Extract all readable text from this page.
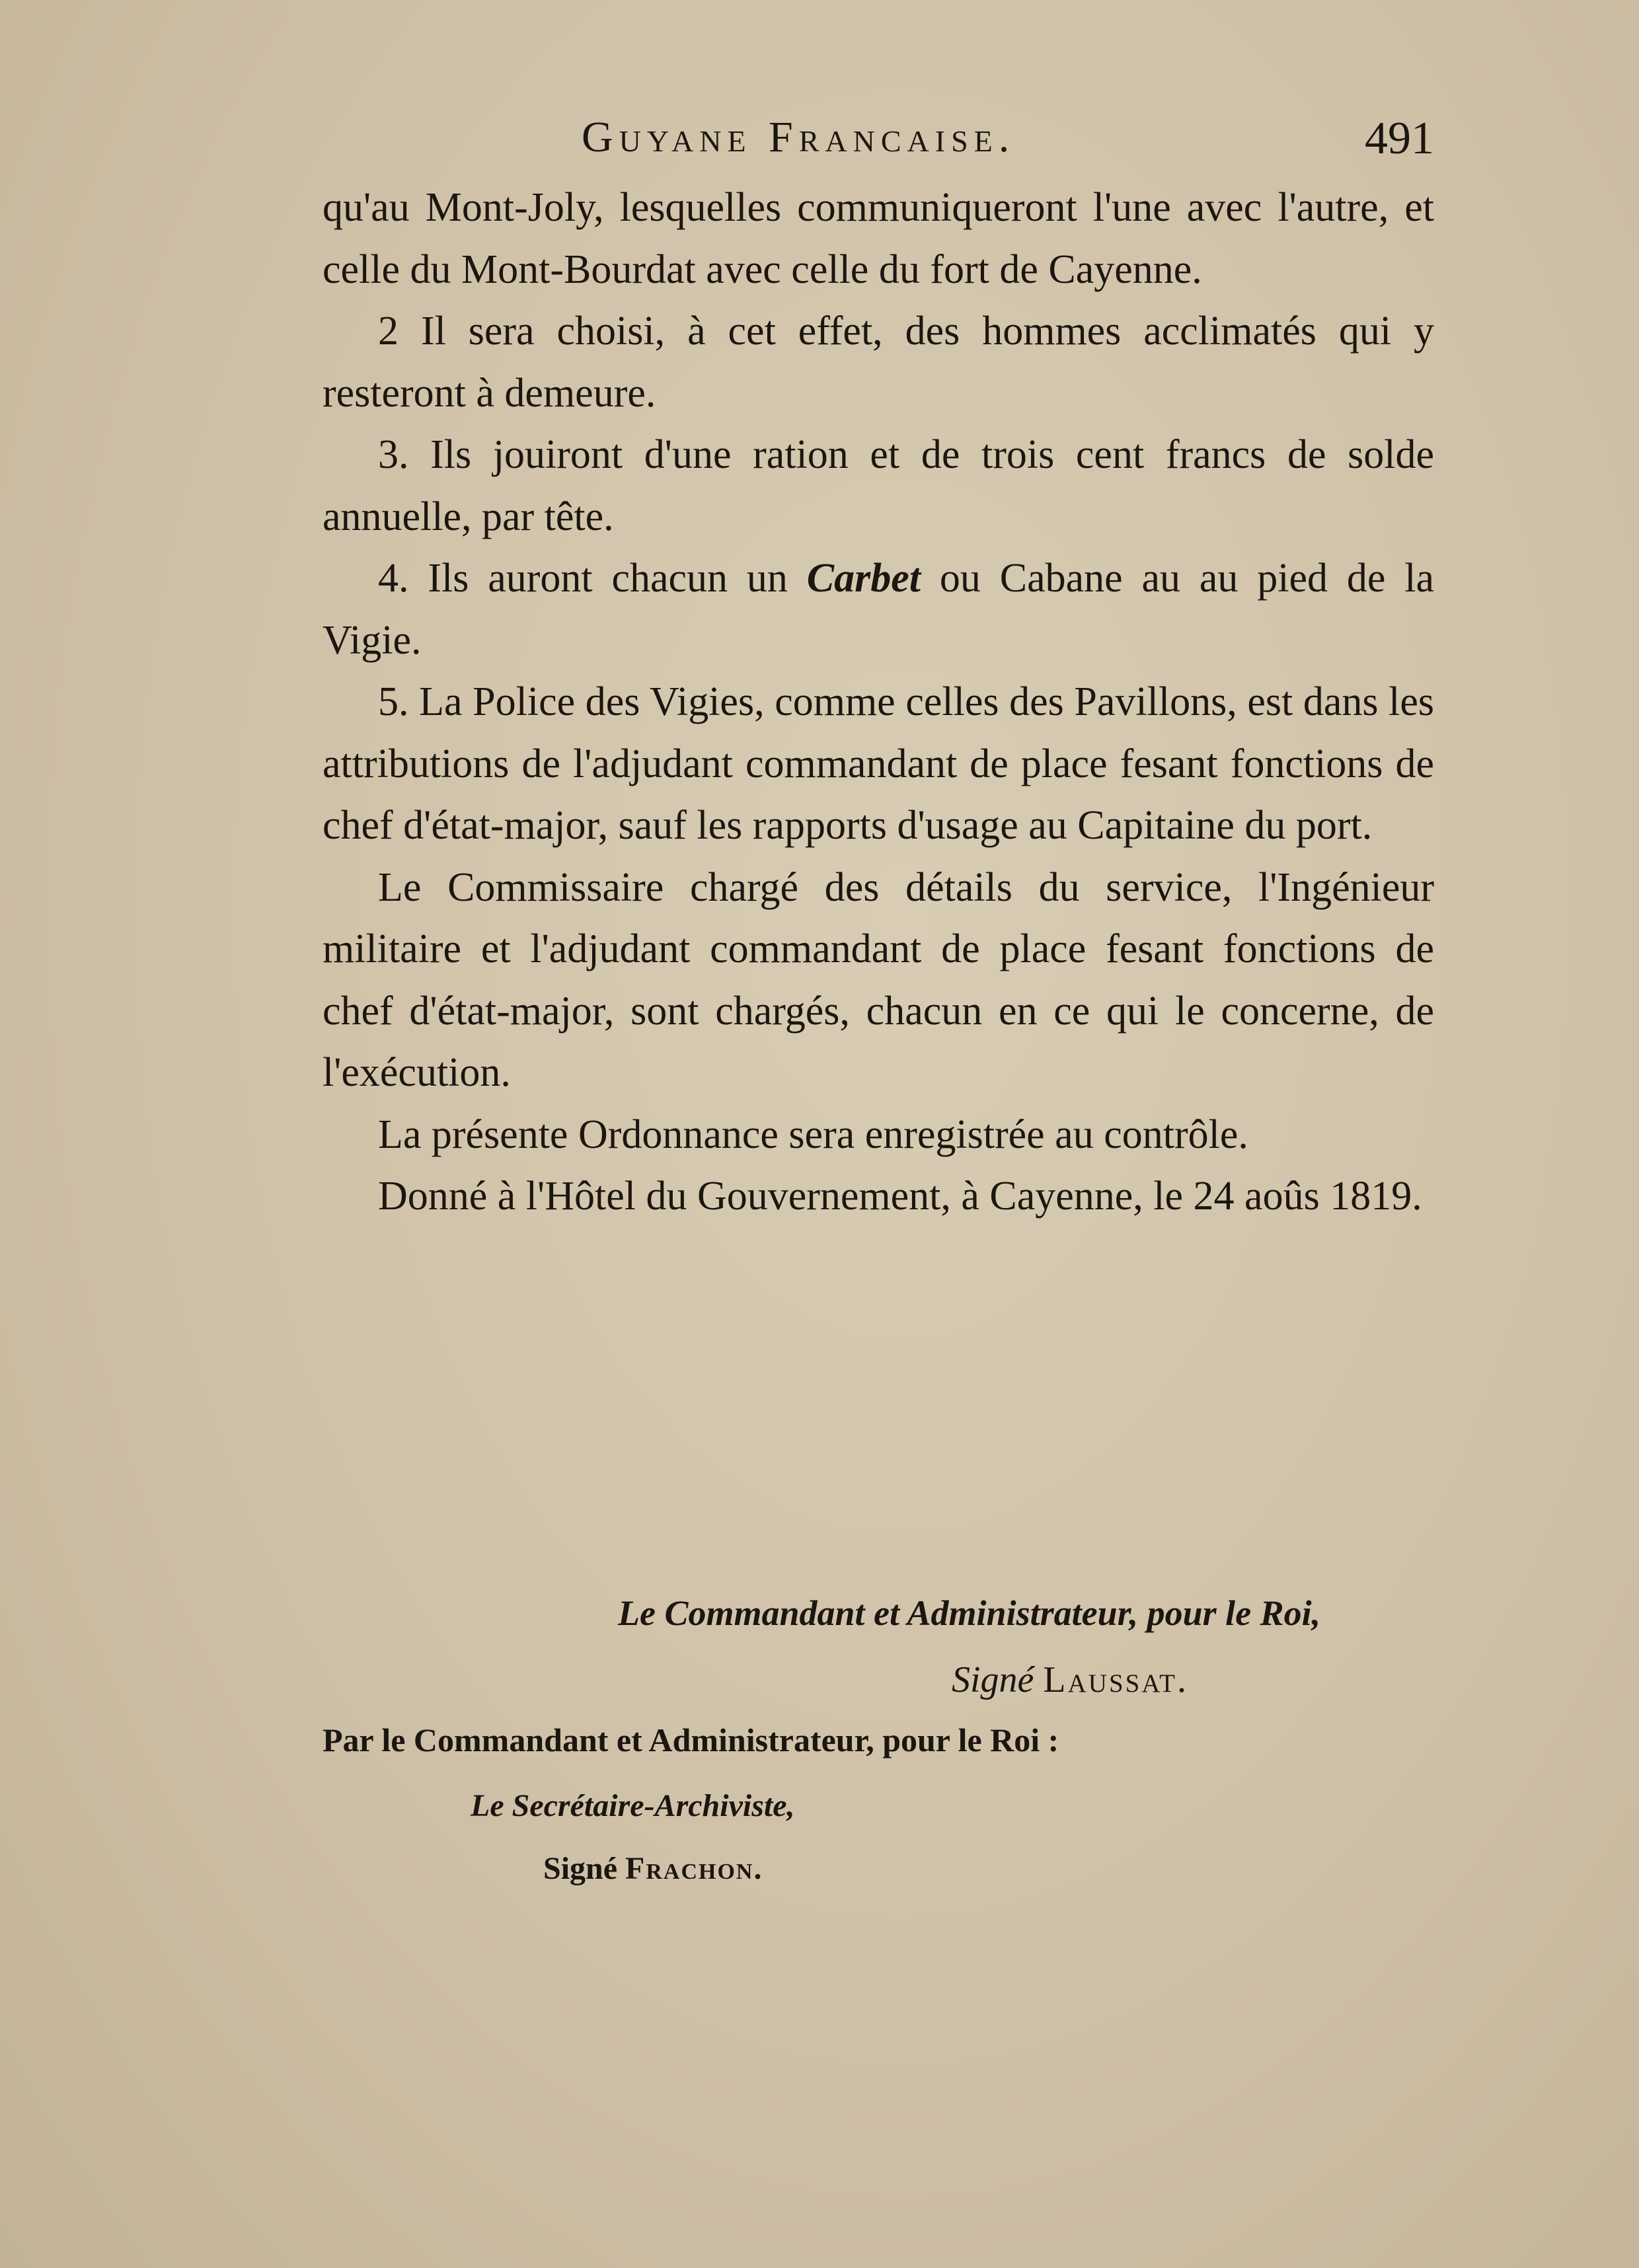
Guyane Francaise.	491

qu'au Mont-Joly, lesquelles communiqueront l'une avec l'autre, et celle du Mont-Bourdat avec celle du fort de Cayenne.

2 Il sera choisi, à cet effet, des hommes acclimatés qui y resteront à demeure.

3. Ils jouiront d'une ration et de trois cent francs de solde annuelle, par tête.

4. Ils auront chacun un Carbet ou Cabane au au pied de la Vigie.

5. La Police des Vigies, comme celles des Pavillons, est dans les attributions de l'adjudant commandant de place fesant fonctions de chef d'état-major, sauf les rapports d'usage au Capitaine du port.

Le Commissaire chargé des détails du service, l'Ingénieur militaire et l'adjudant commandant de place fesant fonctions de chef d'état-major, sont chargés, chacun en ce qui le concerne, de l'exécution.

La présente Ordonnance sera enregistrée au contrôle.

Donné à l'Hôtel du Gouvernement, à Cayenne, le 24 aoûs 1819.

Le Commandant et Administrateur, pour le Roi,
Signé Laussat.
Par le Commandant et Administrateur, pour le Roi :
Le Secrétaire-Archiviste,
Signé Frachon.
